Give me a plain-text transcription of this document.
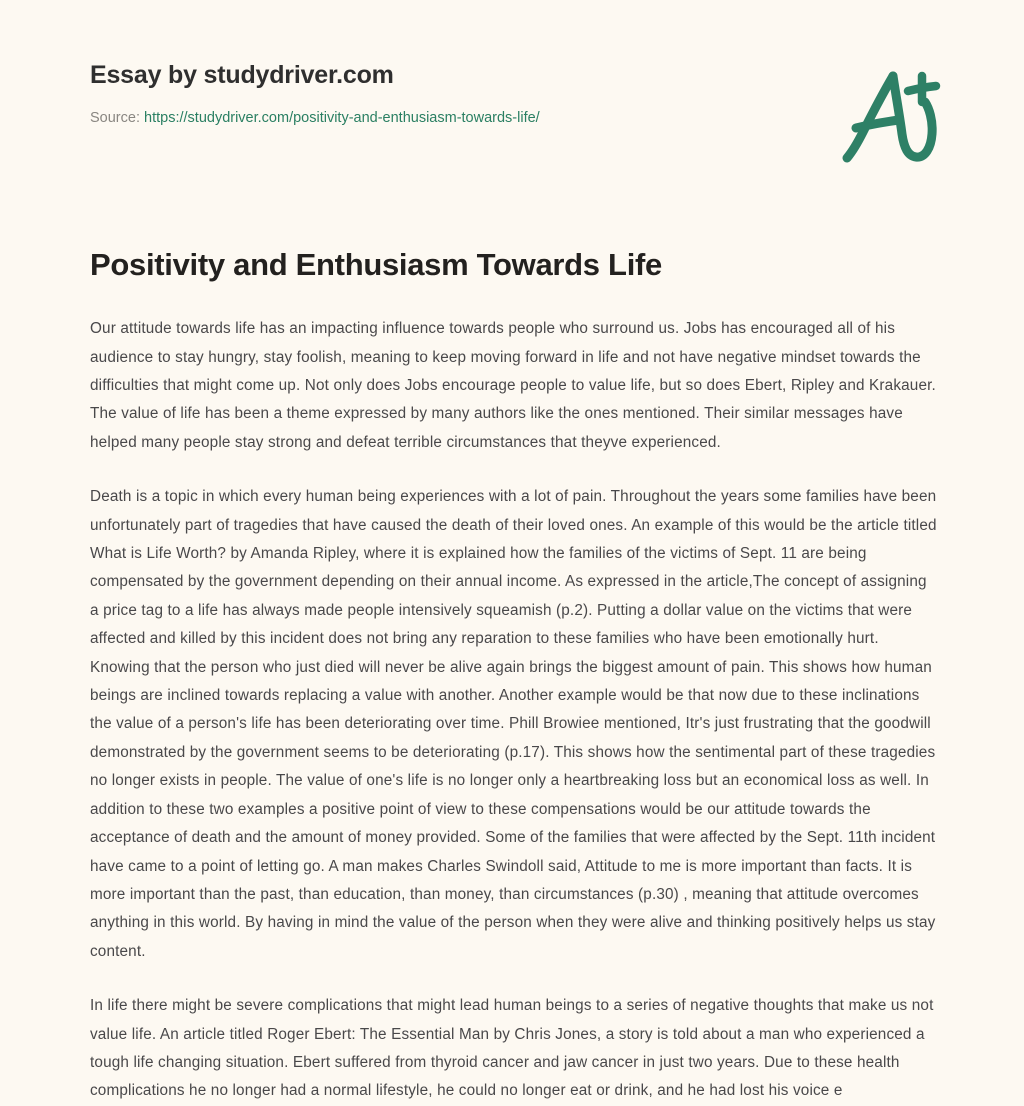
Essay by studydriver.com
Source: https://studydriver.com/positivity-and-enthusiasm-towards-life/
Positivity and Enthusiasm Towards Life

Our attitude towards life has an impacting influence towards people who surround us. Jobs has encouraged all of his audience to stay hungry, stay foolish, meaning to keep moving forward in life and not have negative mindset towards the difficulties that might come up. Not only does Jobs encourage people to value life, but so does Ebert, Ripley and Krakauer. The value of life has been a theme expressed by many authors like the ones mentioned. Their similar messages have helped many people stay strong and defeat terrible circumstances that theyve experienced.

Death is a topic in which every human being experiences with a lot of pain. Throughout the years some families have been unfortunately part of tragedies that have caused the death of their loved ones. An example of this would be the article titled What is Life Worth? by Amanda Ripley, where it is explained how the families of the victims of Sept. 11 are being compensated by the government depending on their annual income. As expressed in the article,The concept of assigning a price tag to a life has always made people intensively squeamish (p.2). Putting a dollar value on the victims that were affected and killed by this incident does not bring any reparation to these families who have been emotionally hurt. Knowing that the person who just died will never be alive again brings the biggest amount of pain. This shows how human beings are inclined towards replacing a value with another. Another example would be that now due to these inclinations the value of a person's life has been deteriorating over time. Phill Browiee mentioned, Itr's just frustrating that the goodwill demonstrated by the government seems to be deteriorating (p.17). This shows how the sentimental part of these tragedies no longer exists in people. The value of one's life is no longer only a heartbreaking loss but an economical loss as well. In addition to these two examples a positive point of view to these compensations would be our attitude towards the acceptance of death and the amount of money provided. Some of the families that were affected by the Sept. 11th incident have came to a point of letting go. A man makes Charles Swindoll said, Attitude to me is more important than facts. It is more important than the past, than education, than money, than circumstances (p.30) , meaning that attitude overcomes anything in this world. By having in mind the value of the person when they were alive and thinking positively helps us stay content.

In life there might be severe complications that might lead human beings to a series of negative thoughts that make us not value life. An article titled Roger Ebert: The Essential Man by Chris Jones, a story is told about a man who experienced a tough life changing situation. Ebert suffered from thyroid cancer and jaw cancer in just two years. Due to these health complications he no longer had a normal lifestyle, he could no longer eat or drink, and he had lost his voice e
